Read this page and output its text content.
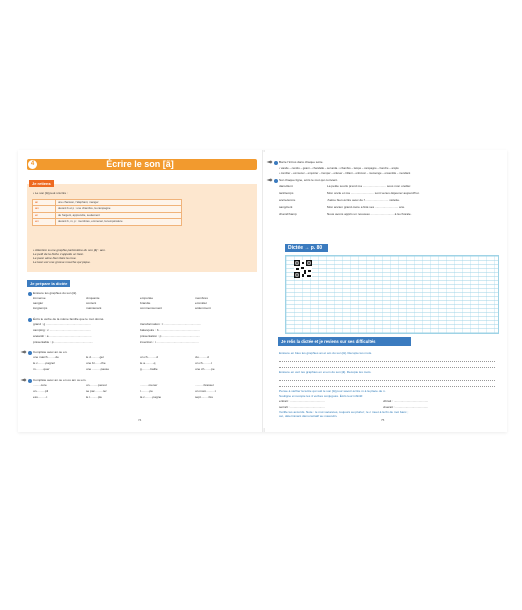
4	Écrire le son [ã]
Je retiens
• Le son [ã] peut s’écrire :
an	une chanson, l’éléphant, manger
am	devant b et p : une chambre, la campagne
en	de l’argent, apprendre, seulement
em	devant b, m, p : membres, emmener, la température
• Attention à une graphie particulière du son [ã] : aon.
Le petit de la biche s’appelle un faon.
Le paon aime bien faire la roue.
Le taon est une grosse mouche qui pique.
Je prépare la dictée
Entoure les graphies du son [ã].
immense	cinquante	emportée	membres
sangler	content	brandie	emmêler
longtemps	maintenant	commencement	ardemment
Écris le verbe de la même famille que le mot donné.
grand : g ....................................................	transformation : t ...........................................
camping : c ................................................	balançoire : b ...............................................
anéantir : a .................................................	présentation : p ............................................
présentable : p .............................................	invention : i .................................................
Complète avec an ou en.
une march.........de	le d..........ger	un ch..........d	du..........d
le c.........pagnol	une br.......che	le a..........q	un ch..........t
m.........quer	une ..........pause	g..........baille	une ch........pe
Complète avec an ou en ou am ou em.
.........core	un..........pereur	..........mener	..........brasser
un..........pli	se par..........ter	r..........pe	un mom..........t
ess..........t	le t.........ple	la c.........pagne	sept.........bre
74
Barre l’intrus dans chaque série.
• viande – cendre – géant – chandelle – sel anda. • chambre – lampe – campagne – hanche – ample
• combler – emmener – emporter – tremper – enlever – trillant – enfoncer – mensonge – ensemble – mendiant
Sur chaque ligne, écris le mot qui convient.
dans/dent	La petite souris prend ma ........................... sous mon oreiller.
tant/temps	Mon oncle et ma ........................... sont venus déjeuner aujourd’hui.
ancre/encre	J’aime bien écrire avec de l’........................... violette.
sang/cent	Mon ancien grand-mère a fêté ses ........................... ans.
chant/champ	Nous avons appris un nouveau ........................... à la chorale.
Dictée → p. 80
Je relis la dictée et je reviens sur ses difficultés
Entoure en bleu les graphies an et am du son [ã]. Recopie les mots.
Entoure en vert les graphies en et em du son [ã]. Recopie les mots.
Pense à vérifier la lettre qui suit le son [ã] pour savoir écrire m à la place de n.
Souligne et recopie les 4 verbes conjugués. Écris leur infinitif.
entrait : ........................................	vibrait : ........................................
serraît : ........................................	viserait : ......................................
Vérifie les accords. Note : le mot vacances, toujours au pluriel ; le c muet à la fin de mot banc ;
cet, déterminant démonstratif au masculin.
75
